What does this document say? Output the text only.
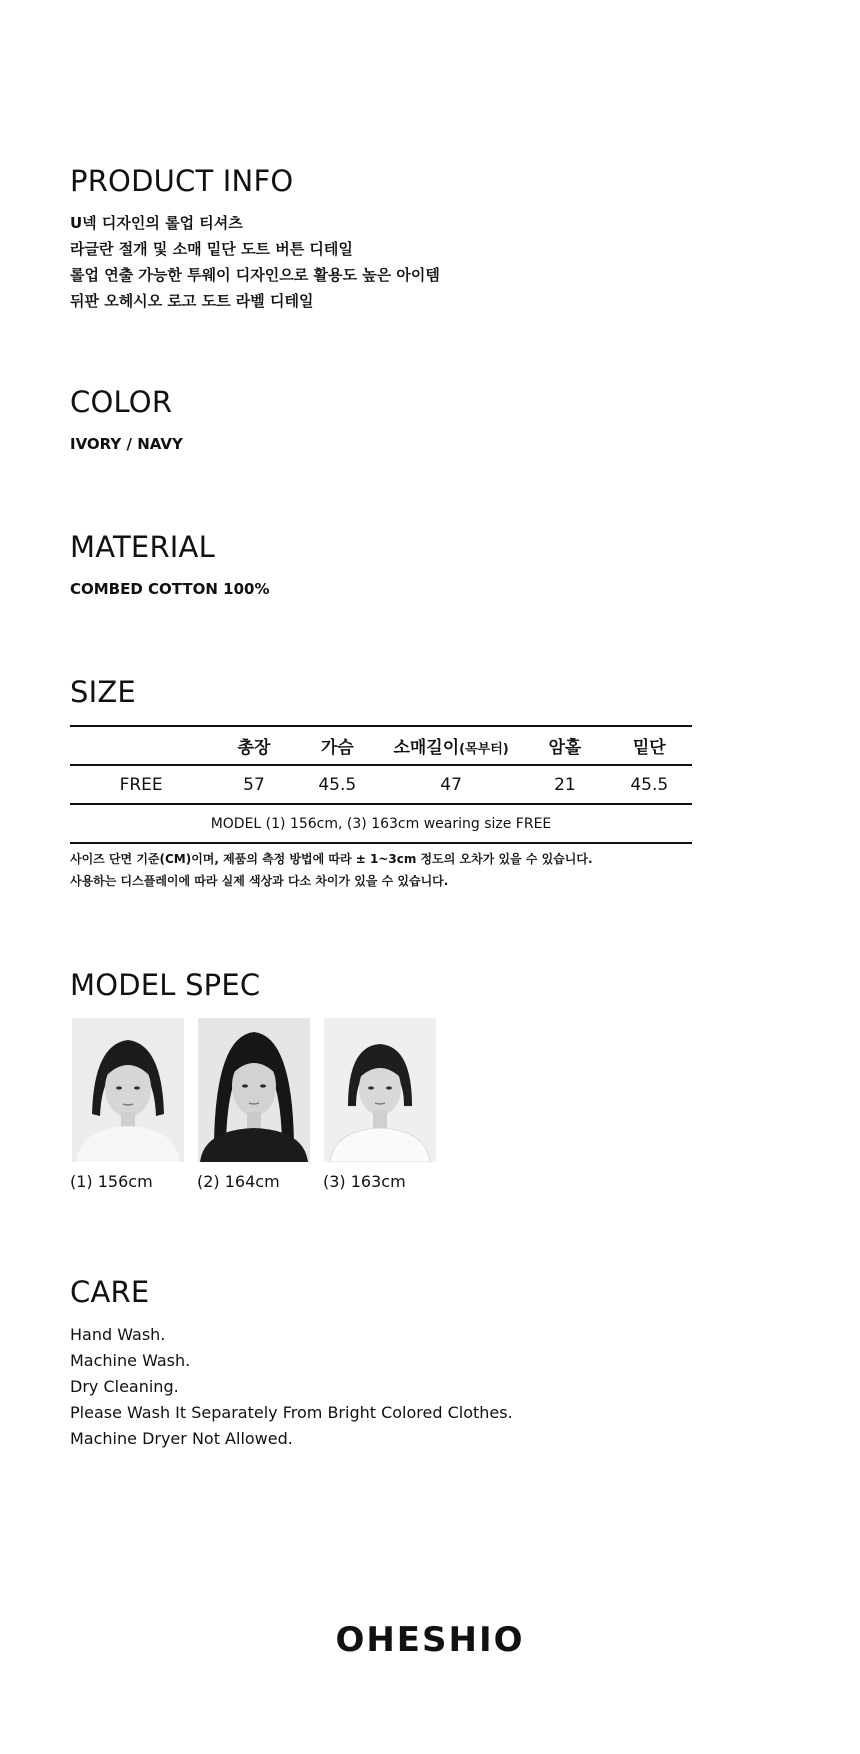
PRODUCT INFO
U넥 디자인의 롤업 티셔츠
라글란 절개 및 소매 밑단 도트 버튼 디테일
롤업 연출 가능한 투웨이 디자인으로 활용도 높은 아이템
뒤판 오헤시오 로고 도트 라벨 디테일
COLOR
IVORY / NAVY
MATERIAL
COMBED COTTON 100%
SIZE
	총장	가슴	소매길이(목부터)	암홀	밑단
FREE	57	45.5	47	21	45.5
MODEL (1) 156cm, (3) 163cm wearing size FREE					
사이즈 단면 기준(CM)이며, 제품의 측정 방법에 따라 ± 1~3cm 정도의 오차가 있을 수 있습니다.
사용하는 디스플레이에 따라 실제 색상과 다소 차이가 있을 수 있습니다.
MODEL SPEC
(1) 156cm	(2) 164cm	(3) 163cm
CARE
Hand Wash.
Machine Wash.
Dry Cleaning.
Please Wash It Separately From Bright Colored Clothes.
Machine Dryer Not Allowed.
OHESHIO
